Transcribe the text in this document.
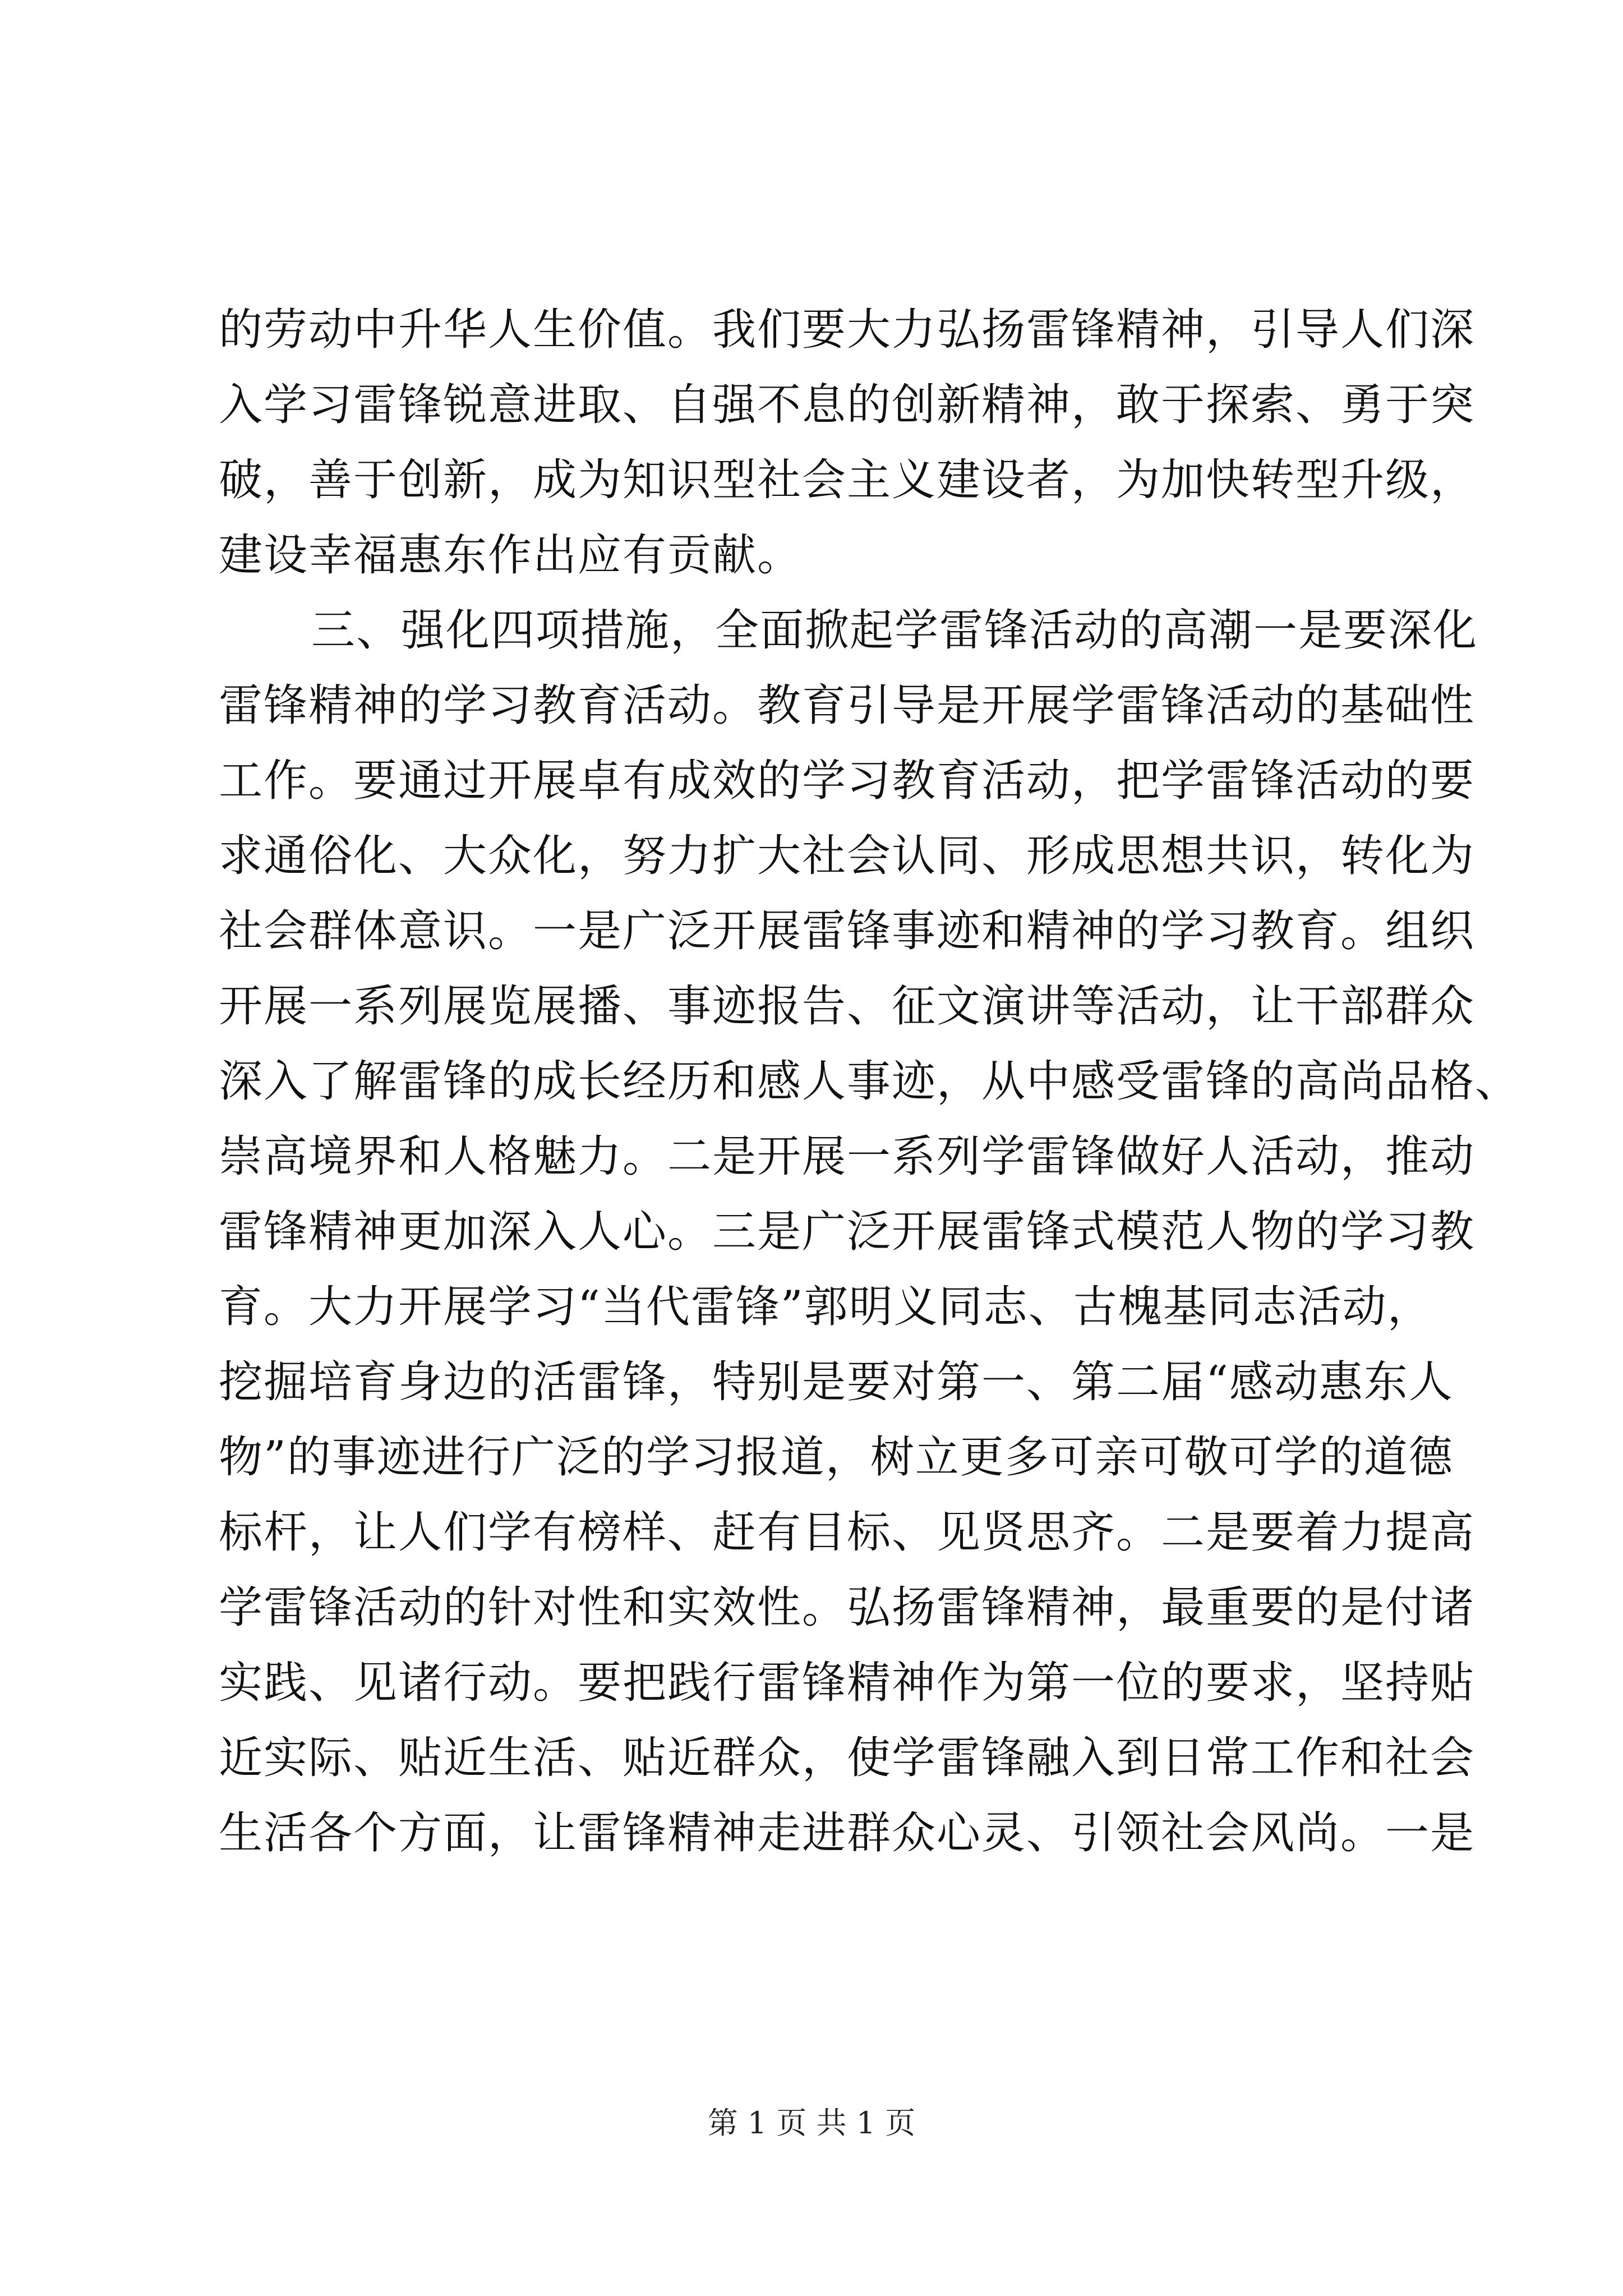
的劳动中升华人生价值。我们要大力弘扬雷锋精神，引导人们深
入学习雷锋锐意进取、自强不息的创新精神，敢于探索、勇于突
破，善于创新，成为知识型社会主义建设者，为加快转型升级，
建设幸福惠东作出应有贡献。
三、强化四项措施，全面掀起学雷锋活动的高潮一是要深化
雷锋精神的学习教育活动。教育引导是开展学雷锋活动的基础性
工作。要通过开展卓有成效的学习教育活动，把学雷锋活动的要
求通俗化、大众化，努力扩大社会认同、形成思想共识，转化为
社会群体意识。一是广泛开展雷锋事迹和精神的学习教育。组织
开展一系列展览展播、事迹报告、征文演讲等活动，让干部群众
深入了解雷锋的成长经历和感人事迹，从中感受雷锋的高尚品格、
崇高境界和人格魅力。二是开展一系列学雷锋做好人活动，推动
雷锋精神更加深入人心。三是广泛开展雷锋式模范人物的学习教
育。大力开展学习“当代雷锋”郭明义同志、古槐基同志活动，
挖掘培育身边的活雷锋，特别是要对第一、第二届“感动惠东人
物”的事迹进行广泛的学习报道，树立更多可亲可敬可学的道德
标杆，让人们学有榜样、赶有目标、见贤思齐。二是要着力提高
学雷锋活动的针对性和实效性。弘扬雷锋精神，最重要的是付诸
实践、见诸行动。要把践行雷锋精神作为第一位的要求，坚持贴
近实际、贴近生活、贴近群众，使学雷锋融入到日常工作和社会
生活各个方面，让雷锋精神走进群众心灵、引领社会风尚。一是
第 1 页 共 1 页
